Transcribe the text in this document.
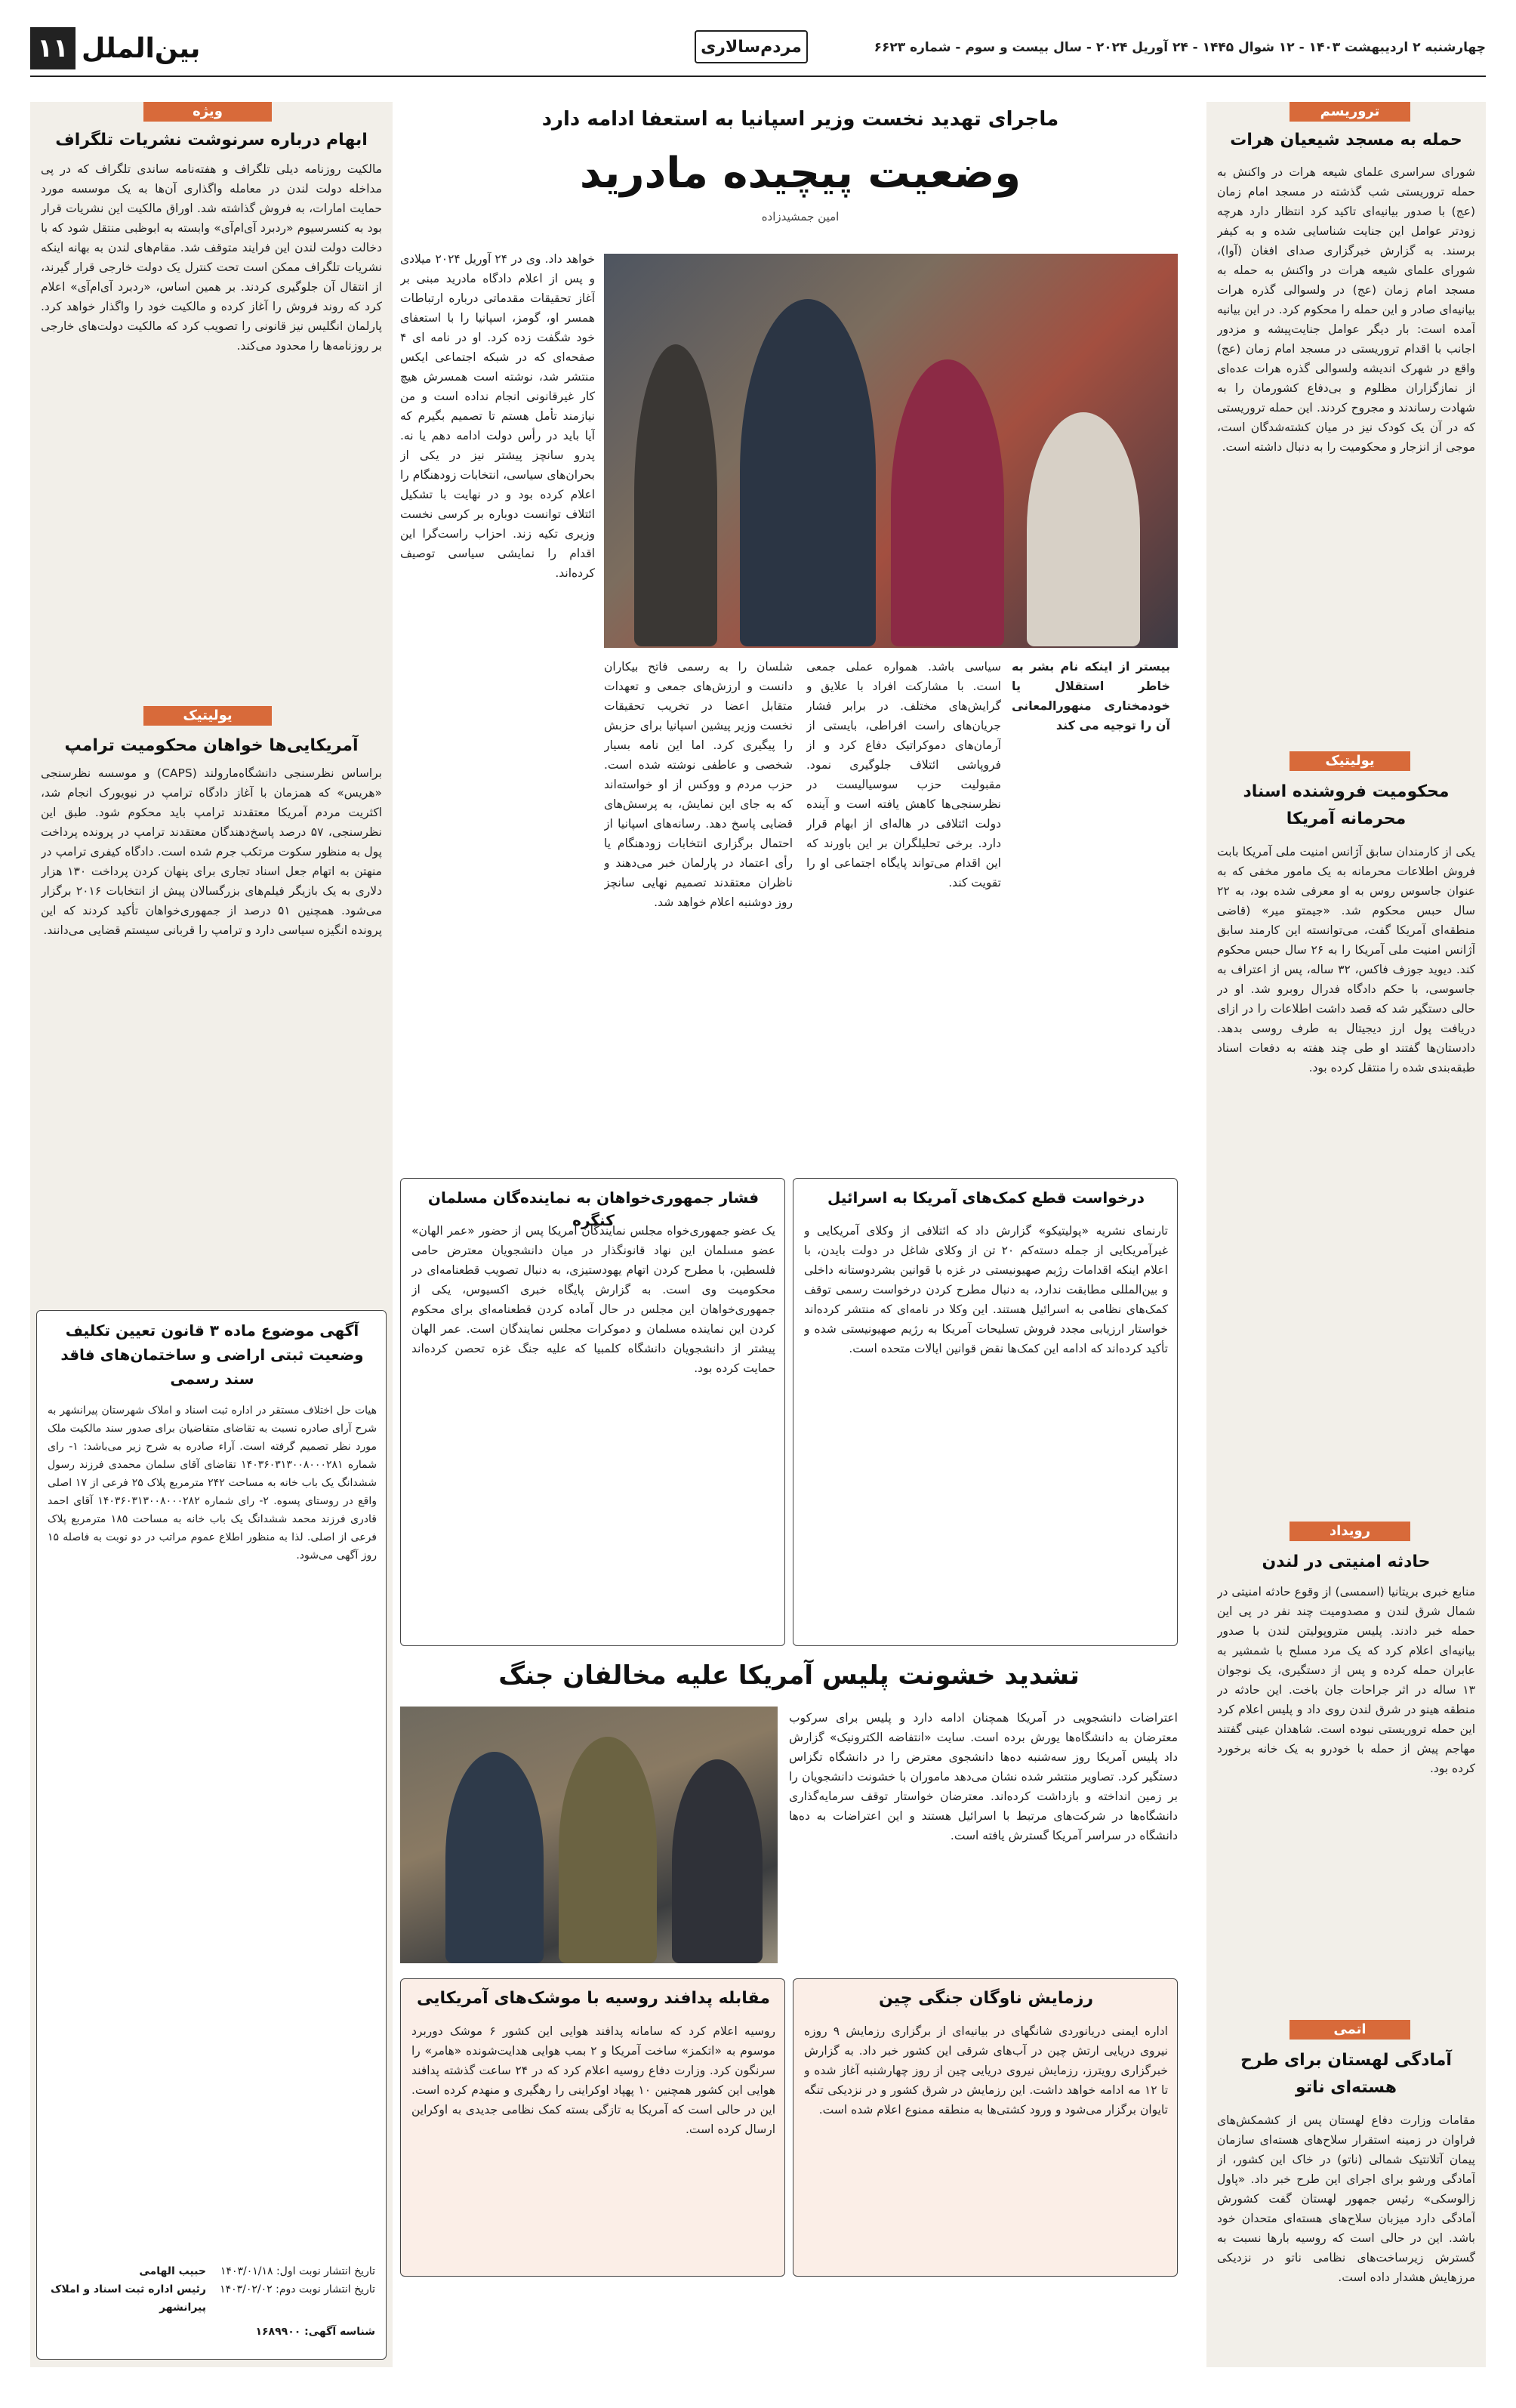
۱۱ بین‌الملل	مردم‌سالاری	چهارشنبه ۲ اردیبهشت ۱۴۰۳ - ۱۲ شوال ۱۴۴۵ - ۲۴ آوریل ۲۰۲۴ - سال بیست و سوم - شماره ۶۶۲۳
تروریسم
حمله به مسجد شیعیان هرات
شورای سراسری علمای شیعه هرات در واکنش به حمله تروریستی شب گذشته در مسجد امام زمان (عج) با صدور بیانیه‌ای تاکید کرد انتظار دارد هرچه زودتر عوامل این جنایت شناسایی شده و به کیفر برسند. به گزارش خبرگزاری صدای افغان (آوا)، شورای علمای شیعه هرات در واکنش به حمله به مسجد امام زمان (عج) در ولسوالی گذره هرات بیانیه‌ای صادر و این حمله را محکوم کرد. در این بیانیه آمده است: بار دیگر عوامل جنایت‌پیشه و مزدور اجانب با اقدام تروریستی در مسجد امام زمان (عج) واقع در شهرک اندیشه ولسوالی گذره هرات عده‌ای از نمازگزاران مظلوم و بی‌دفاع کشورمان را به شهادت رساندند و مجروح کردند. این حمله تروریستی که در آن یک کودک نیز در میان کشته‌شدگان است، موجی از انزجار و محکومیت را به دنبال داشته است.
یولیتیک
محکومیت فروشنده اسناد محرمانه آمریکا
یکی از کارمندان سابق آژانس امنیت ملی آمریکا بابت فروش اطلاعات محرمانه به یک مامور مخفی که به عنوان جاسوس روس به او معرفی شده بود، به ۲۲ سال حبس محکوم شد. «جیمتو میر» (قاضی منطقه‌ای آمریکا گفت، می‌توانسته این کارمند سابق آژانس امنیت ملی آمریکا را به ۲۶ سال حبس محکوم کند. دیوید جوزف فاکس، ۳۲ ساله، پس از اعتراف به جاسوسی، با حکم دادگاه فدرال روبرو شد. او در حالی دستگیر شد که قصد داشت اطلاعات را در ازای دریافت پول ارز دیجیتال به طرف روسی بدهد. دادستان‌ها گفتند او طی چند هفته به دفعات اسناد طبقه‌بندی شده را منتقل کرده بود.
رویداد
حادثه امنیتی در لندن
منابع خبری بریتانیا (اسمسی) از وقوع حادثه امنیتی در شمال شرق لندن و مصدومیت چند نفر در پی این حمله خبر دادند. پلیس متروپولیتن لندن با صدور بیانیه‌ای اعلام کرد که یک مرد مسلح با شمشیر به عابران حمله کرده و پس از دستگیری، یک نوجوان ۱۳ ساله در اثر جراحات جان باخت. این حادثه در منطقه هینو در شرق لندن روی داد و پلیس اعلام کرد این حمله تروریستی نبوده است. شاهدان عینی گفتند مهاجم پیش از حمله با خودرو به یک خانه برخورد کرده بود.
اتمی
آمادگی لهستان برای طرح هسته‌ای ناتو
مقامات وزارت دفاع لهستان پس از کشمکش‌های فراوان در زمینه استقرار سلاح‌های هسته‌ای سازمان پیمان آتلانتیک شمالی (ناتو) در خاک این کشور، از آمادگی ورشو برای اجرای این طرح خبر داد. «پاول زالوسکی» رئیس جمهور لهستان گفت کشورش آمادگی دارد میزبان سلاح‌های هسته‌ای متحدان خود باشد. این در حالی است که روسیه بارها نسبت به گسترش زیرساخت‌های نظامی ناتو در نزدیکی مرزهایش هشدار داده است.
ویژه
ابهام درباره سرنوشت نشریات تلگراف
مالکیت روزنامه دیلی تلگراف و هفته‌نامه ساندی تلگراف که در پی مداخله دولت لندن در معامله واگذاری آن‌ها به یک موسسه مورد حمایت امارات، به فروش گذاشته شد. اوراق مالکیت این نشریات قرار بود به کنسرسیوم «ردبرد آی‌ام‌آی» وابسته به ابوظبی منتقل شود که با دخالت دولت لندن این فرایند متوقف شد. مقام‌های لندن به بهانه اینکه نشریات تلگراف ممکن است تحت کنترل یک دولت خارجی قرار گیرند، از انتقال آن جلوگیری کردند. بر همین اساس، «ردبرد آی‌ام‌آی» اعلام کرد که روند فروش را آغاز کرده و مالکیت خود را واگذار خواهد کرد. پارلمان انگلیس نیز قانونی را تصویب کرد که مالکیت دولت‌های خارجی بر روزنامه‌ها را محدود می‌کند.
یولیتیک
آمریکایی‌ها خواهان محکومیت ترامپ
براساس نظرسنجی دانشگاه‌مارولند (CAPS) و موسسه نظرسنجی «هریس» که همزمان با آغاز دادگاه ترامپ در نیویورک انجام شد، اکثریت مردم آمریکا معتقدند ترامپ باید محکوم شود. طبق این نظرسنجی، ۵۷ درصد پاسخ‌دهندگان معتقدند ترامپ در پرونده پرداخت پول به منظور سکوت مرتکب جرم شده است. دادگاه کیفری ترامپ در منهتن به اتهام جعل اسناد تجاری برای پنهان کردن پرداخت ۱۳۰ هزار دلاری به یک بازیگر فیلم‌های بزرگسالان پیش از انتخابات ۲۰۱۶ برگزار می‌شود. همچنین ۵۱ درصد از جمهوری‌خواهان تأکید کردند که این پرونده انگیزه سیاسی دارد و ترامپ را قربانی سیستم قضایی می‌دانند.
آگهی موضوع ماده ۳ قانون تعیین تکلیف وضعیت ثبتی اراضی و ساختمان‌های فاقد سند رسمی
هیات حل اختلاف مستقر در اداره ثبت اسناد و املاک شهرستان پیرانشهر به شرح آرای صادره نسبت به تقاضای متقاضیان برای صدور سند مالکیت ملک مورد نظر تصمیم گرفته است. آراء صادره به شرح زیر می‌باشد: ۱- رای شماره ۱۴۰۳۶۰۳۱۳۰۰۸۰۰۰۲۸۱ تقاضای آقای سلمان محمدی فرزند رسول ششدانگ یک باب خانه به مساحت ۲۴۲ مترمربع پلاک ۲۵ فرعی از ۱۷ اصلی واقع در روستای پسوه. ۲- رای شماره ۱۴۰۳۶۰۳۱۳۰۰۸۰۰۰۲۸۲ آقای احمد قادری فرزند محمد ششدانگ یک باب خانه به مساحت ۱۸۵ مترمربع پلاک فرعی از اصلی. لذا به منظور اطلاع عموم مراتب در دو نوبت به فاصله ۱۵ روز آگهی می‌شود.
تاریخ انتشار نوبت اول: ۱۴۰۳/۰۱/۱۸
تاریخ انتشار نوبت دوم: ۱۴۰۳/۰۲/۰۲
حبیب الهامی
رئیس اداره ثبت اسناد و املاک پیرانشهر
شناسه آگهی: ۱۶۸۹۹۰۰
ماجرای تهدید نخست وزیر اسپانیا به استعفا ادامه دارد
وضعیت پیچیده مادرید
امین جمشیدزاده
بیستر از اینکه نام بشر به خاطر استقلال یا خودمختاری منهورالمعانی آن را توجیه می کند
خواهد داد. وی در ۲۴ آوریل ۲۰۲۴ میلادی و پس از اعلام دادگاه مادرید مبنی بر آغاز تحقیقات مقدماتی درباره ارتباطات همسر او، گومز، اسپانیا را با استعفای خود شگفت زده کرد. او در نامه ای ۴ صفحه‌ای که در شبکه اجتماعی ایکس منتشر شد، نوشته است همسرش هیچ کار غیرقانونی انجام نداده است و من نیازمند تأمل هستم تا تصمیم بگیرم که آیا باید در رأس دولت ادامه دهم یا نه. پدرو سانچز پیشتر نیز در یکی از بحران‌های سیاسی، انتخابات زودهنگام را اعلام کرده بود و در نهایت با تشکیل ائتلاف توانست دوباره بر کرسی نخست وزیری تکیه زند. احزاب راست‌گرا این اقدام را نمایشی سیاسی توصیف کرده‌اند.
شلسان را به رسمی فاتح بیکاران دانست و ارزش‌های جمعی و تعهدات متقابل اعضا در تخریب تحقیقات نخست وزیر پیشین اسپانیا برای حزبش را پیگیری کرد. اما این نامه بسیار شخصی و عاطفی نوشته شده است. حزب مردم و ووکس از او خواسته‌اند که به جای این نمایش، به پرسش‌های قضایی پاسخ دهد. رسانه‌های اسپانیا از احتمال برگزاری انتخابات زودهنگام یا رأی اعتماد در پارلمان خبر می‌دهند و ناظران معتقدند تصمیم نهایی سانچز روز دوشنبه اعلام خواهد شد.
سیاسی باشد. همواره عملی جمعی است. با مشارکت افراد با علایق و گرایش‌های مختلف. در برابر فشار جریان‌های راست افراطی، بایستی از آرمان‌های دموکراتیک دفاع کرد و از فروپاشی ائتلاف جلوگیری نمود. مقبولیت حزب سوسیالیست در نظرسنجی‌ها کاهش یافته است و آینده دولت ائتلافی در هاله‌ای از ابهام قرار دارد. برخی تحلیلگران بر این باورند که این اقدام می‌تواند پایگاه اجتماعی او را تقویت کند.
درخواست قطع کمک‌های آمریکا به اسرائیل
تارنمای نشریه «پولیتیکو» گزارش داد که ائتلافی از وکلای آمریکایی و غیرآمریکایی از جمله دسته‌کم ۲۰ تن از وکلای شاغل در دولت بایدن، با اعلام اینکه اقدامات رژیم صهیونیستی در غزه با قوانین بشردوستانه داخلی و بین‌المللی مطابقت ندارد، به دنبال مطرح کردن درخواست رسمی توقف کمک‌های نظامی به اسرائیل هستند. این وکلا در نامه‌ای که منتشر کرده‌اند خواستار ارزیابی مجدد فروش تسلیحات آمریکا به رژیم صهیونیستی شده و تأکید کرده‌اند که ادامه این کمک‌ها نقض قوانین ایالات متحده است.
فشار جمهوری‌خواهان به نماینده‌گان مسلمان کنگره
یک عضو جمهوری‌خواه مجلس نمایندگان آمریکا پس از حضور «عمر الهان» عضو مسلمان این نهاد قانونگذار در میان دانشجویان معترض حامی فلسطین، با مطرح کردن اتهام یهودستیزی، به دنبال تصویب قطعنامه‌ای در محکومیت وی است. به گزارش پایگاه خبری اکسیوس، یکی از جمهوری‌خواهان این مجلس در حال آماده کردن قطعنامه‌ای برای محکوم کردن این نماینده مسلمان و دموکرات مجلس نمایندگان است. عمر الهان پیشتر از دانشجویان دانشگاه کلمبیا که علیه جنگ غزه تحصن کرده‌اند حمایت کرده بود.
تشدید خشونت پلیس آمریکا علیه مخالفان جنگ
اعتراضات دانشجویی در آمریکا همچنان ادامه دارد و پلیس برای سرکوب معترضان به دانشگاه‌ها یورش برده است. سایت «انتفاضه الکترونیک» گزارش داد پلیس آمریکا روز سه‌شنبه ده‌ها دانشجوی معترض را در دانشگاه تگزاس دستگیر کرد. تصاویر منتشر شده نشان می‌دهد ماموران با خشونت دانشجویان را بر زمین انداخته و بازداشت کرده‌اند. معترضان خواستار توقف سرمایه‌گذاری دانشگاه‌ها در شرکت‌های مرتبط با اسرائیل هستند و این اعتراضات به ده‌ها دانشگاه در سراسر آمریکا گسترش یافته است.
رزمایش ناوگان جنگی چین
اداره ایمنی دریانوردی شانگهای در بیانیه‌ای از برگزاری رزمایش ۹ روزه نیروی دریایی ارتش چین در آب‌های شرقی این کشور خبر داد. به گزارش خبرگزاری رویترز، رزمایش نیروی دریایی چین از روز چهارشنبه آغاز شده و تا ۱۲ مه ادامه خواهد داشت. این رزمایش در شرق کشور و در نزدیکی تنگه تایوان برگزار می‌شود و ورود کشتی‌ها به منطقه ممنوع اعلام شده است.
مقابله پدافند روسیه با موشک‌های آمریکایی
روسیه اعلام کرد که سامانه پدافند هوایی این کشور ۶ موشک دوربرد موسوم به «اتکمز» ساخت آمریکا و ۲ بمب هوایی هدایت‌شونده «هامر» را سرنگون کرد. وزارت دفاع روسیه اعلام کرد که در ۲۴ ساعت گذشته پدافند هوایی این کشور همچنین ۱۰ پهپاد اوکراینی را رهگیری و منهدم کرده است. این در حالی است که آمریکا به تازگی بسته کمک نظامی جدیدی به اوکراین ارسال کرده است.
